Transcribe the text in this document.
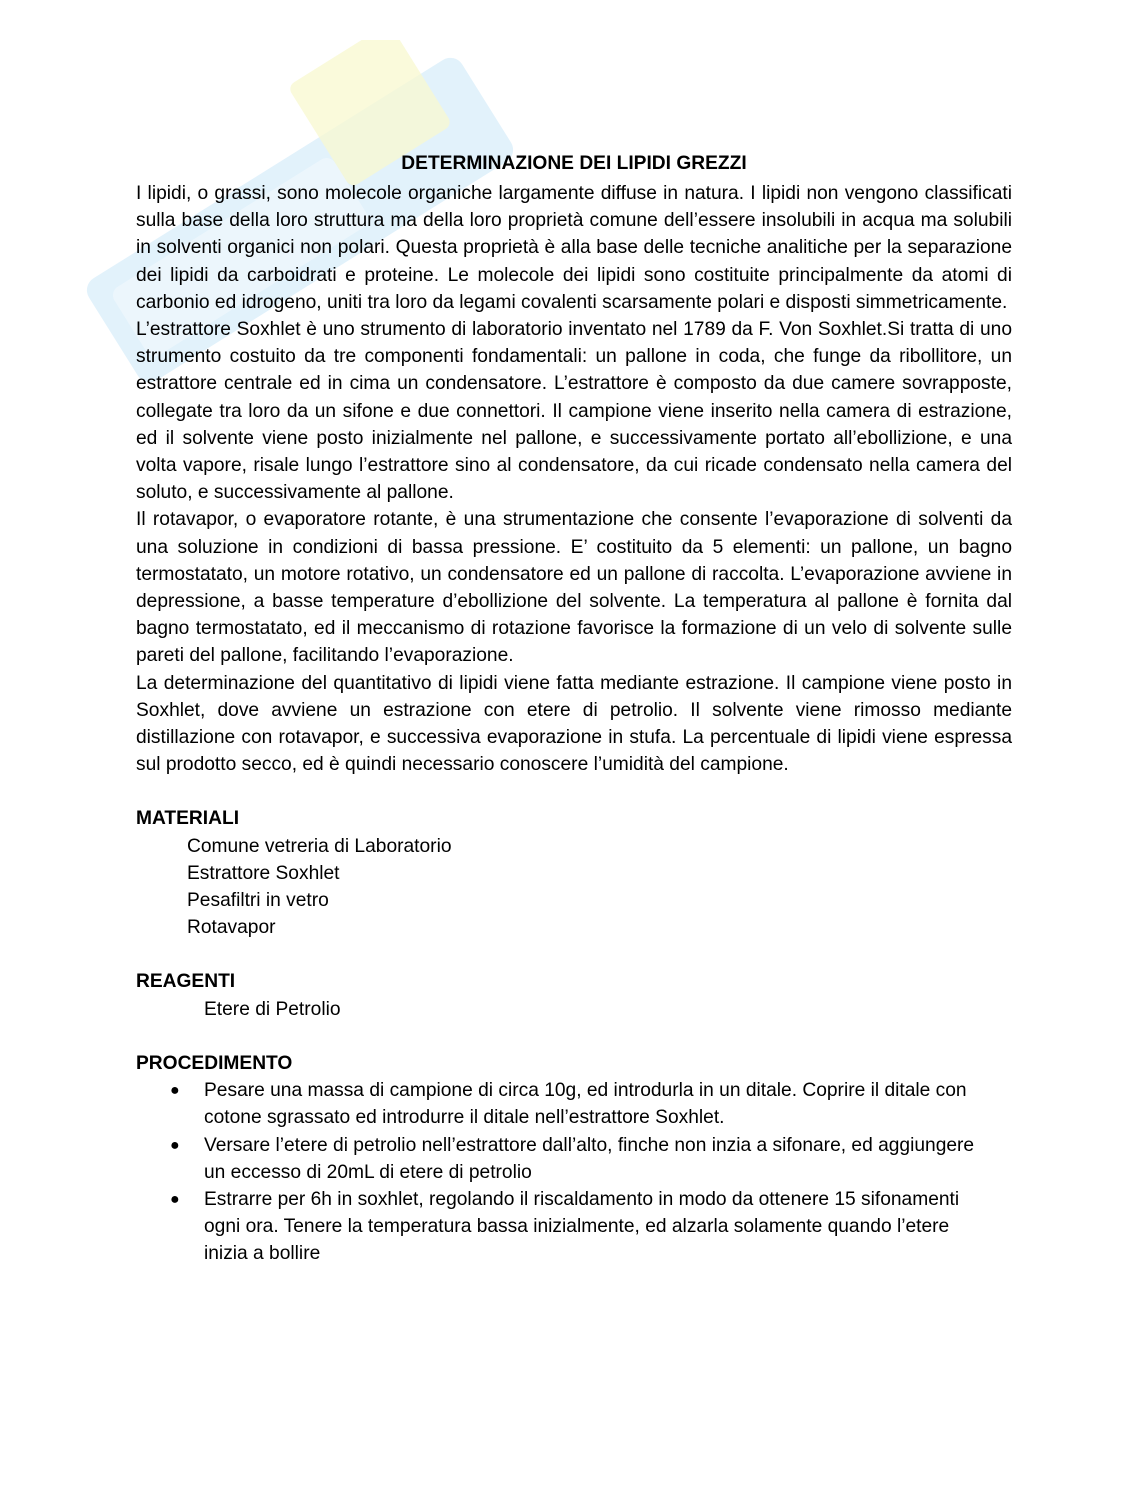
DETERMINAZIONE DEI LIPIDI GREZZI

I lipidi, o grassi, sono molecole organiche largamente diffuse in natura. I lipidi non vengono classificati sulla base della loro struttura ma della loro proprietà comune dell’essere insolubili in acqua ma solubili in solventi organici non polari. Questa proprietà è alla base delle tecniche analitiche per la separazione dei lipidi da carboidrati e proteine. Le molecole dei lipidi sono costituite principalmente da atomi di carbonio ed idrogeno, uniti tra loro da legami covalenti scarsamente polari e disposti simmetricamente.

L’estrattore Soxhlet è uno strumento di laboratorio inventato nel 1789 da F. Von Soxhlet.Si tratta di uno strumento costuito da tre componenti fondamentali: un pallone in coda, che funge da ribollitore, un estrattore centrale ed in cima un condensatore. L’estrattore è composto da due camere sovrapposte, collegate tra loro da un sifone e due connettori. Il campione viene inserito nella camera di estrazione, ed il solvente viene posto inizialmente nel pallone, e successivamente portato all’ebollizione, e una volta vapore, risale lungo l’estrattore sino al condensatore, da cui ricade condensato nella camera del soluto, e successivamente al pallone.

Il rotavapor, o evaporatore rotante, è una strumentazione che consente l’evaporazione di solventi da una soluzione in condizioni di bassa pressione. E’ costituito da 5 elementi: un pallone, un bagno termostatato, un motore rotativo, un condensatore ed un pallone di raccolta. L’evaporazione avviene in depressione, a basse temperature d’ebollizione del solvente. La temperatura al pallone è fornita dal bagno termostatato, ed il meccanismo di rotazione favorisce la formazione di un velo di solvente sulle pareti del pallone, facilitando l’evaporazione.

La determinazione del quantitativo di lipidi viene fatta mediante estrazione. Il campione viene posto in Soxhlet, dove avviene un estrazione con etere di petrolio. Il solvente viene rimosso mediante distillazione con rotavapor, e successiva evaporazione in stufa. La percentuale di lipidi viene espressa sul prodotto secco, ed è quindi necessario conoscere l’umidità del campione.

MATERIALI
Comune vetreria di Laboratorio
Estrattore Soxhlet
Pesafiltri in vetro
Rotavapor
REAGENTI
Etere di Petrolio
PROCEDIMENTO
● Pesare una massa di campione di circa 10g, ed introdurla in un ditale. Coprire il ditale con cotone sgrassato ed introdurre il ditale nell’estrattore Soxhlet.
● Versare l’etere di petrolio nell’estrattore dall’alto, finche non inzia a sifonare, ed aggiungere un eccesso di 20mL di etere di petrolio
● Estrarre per 6h in soxhlet, regolando il riscaldamento in modo da ottenere 15 sifonamenti ogni ora. Tenere la temperatura bassa inizialmente, ed alzarla solamente quando l’etere inizia a bollire
